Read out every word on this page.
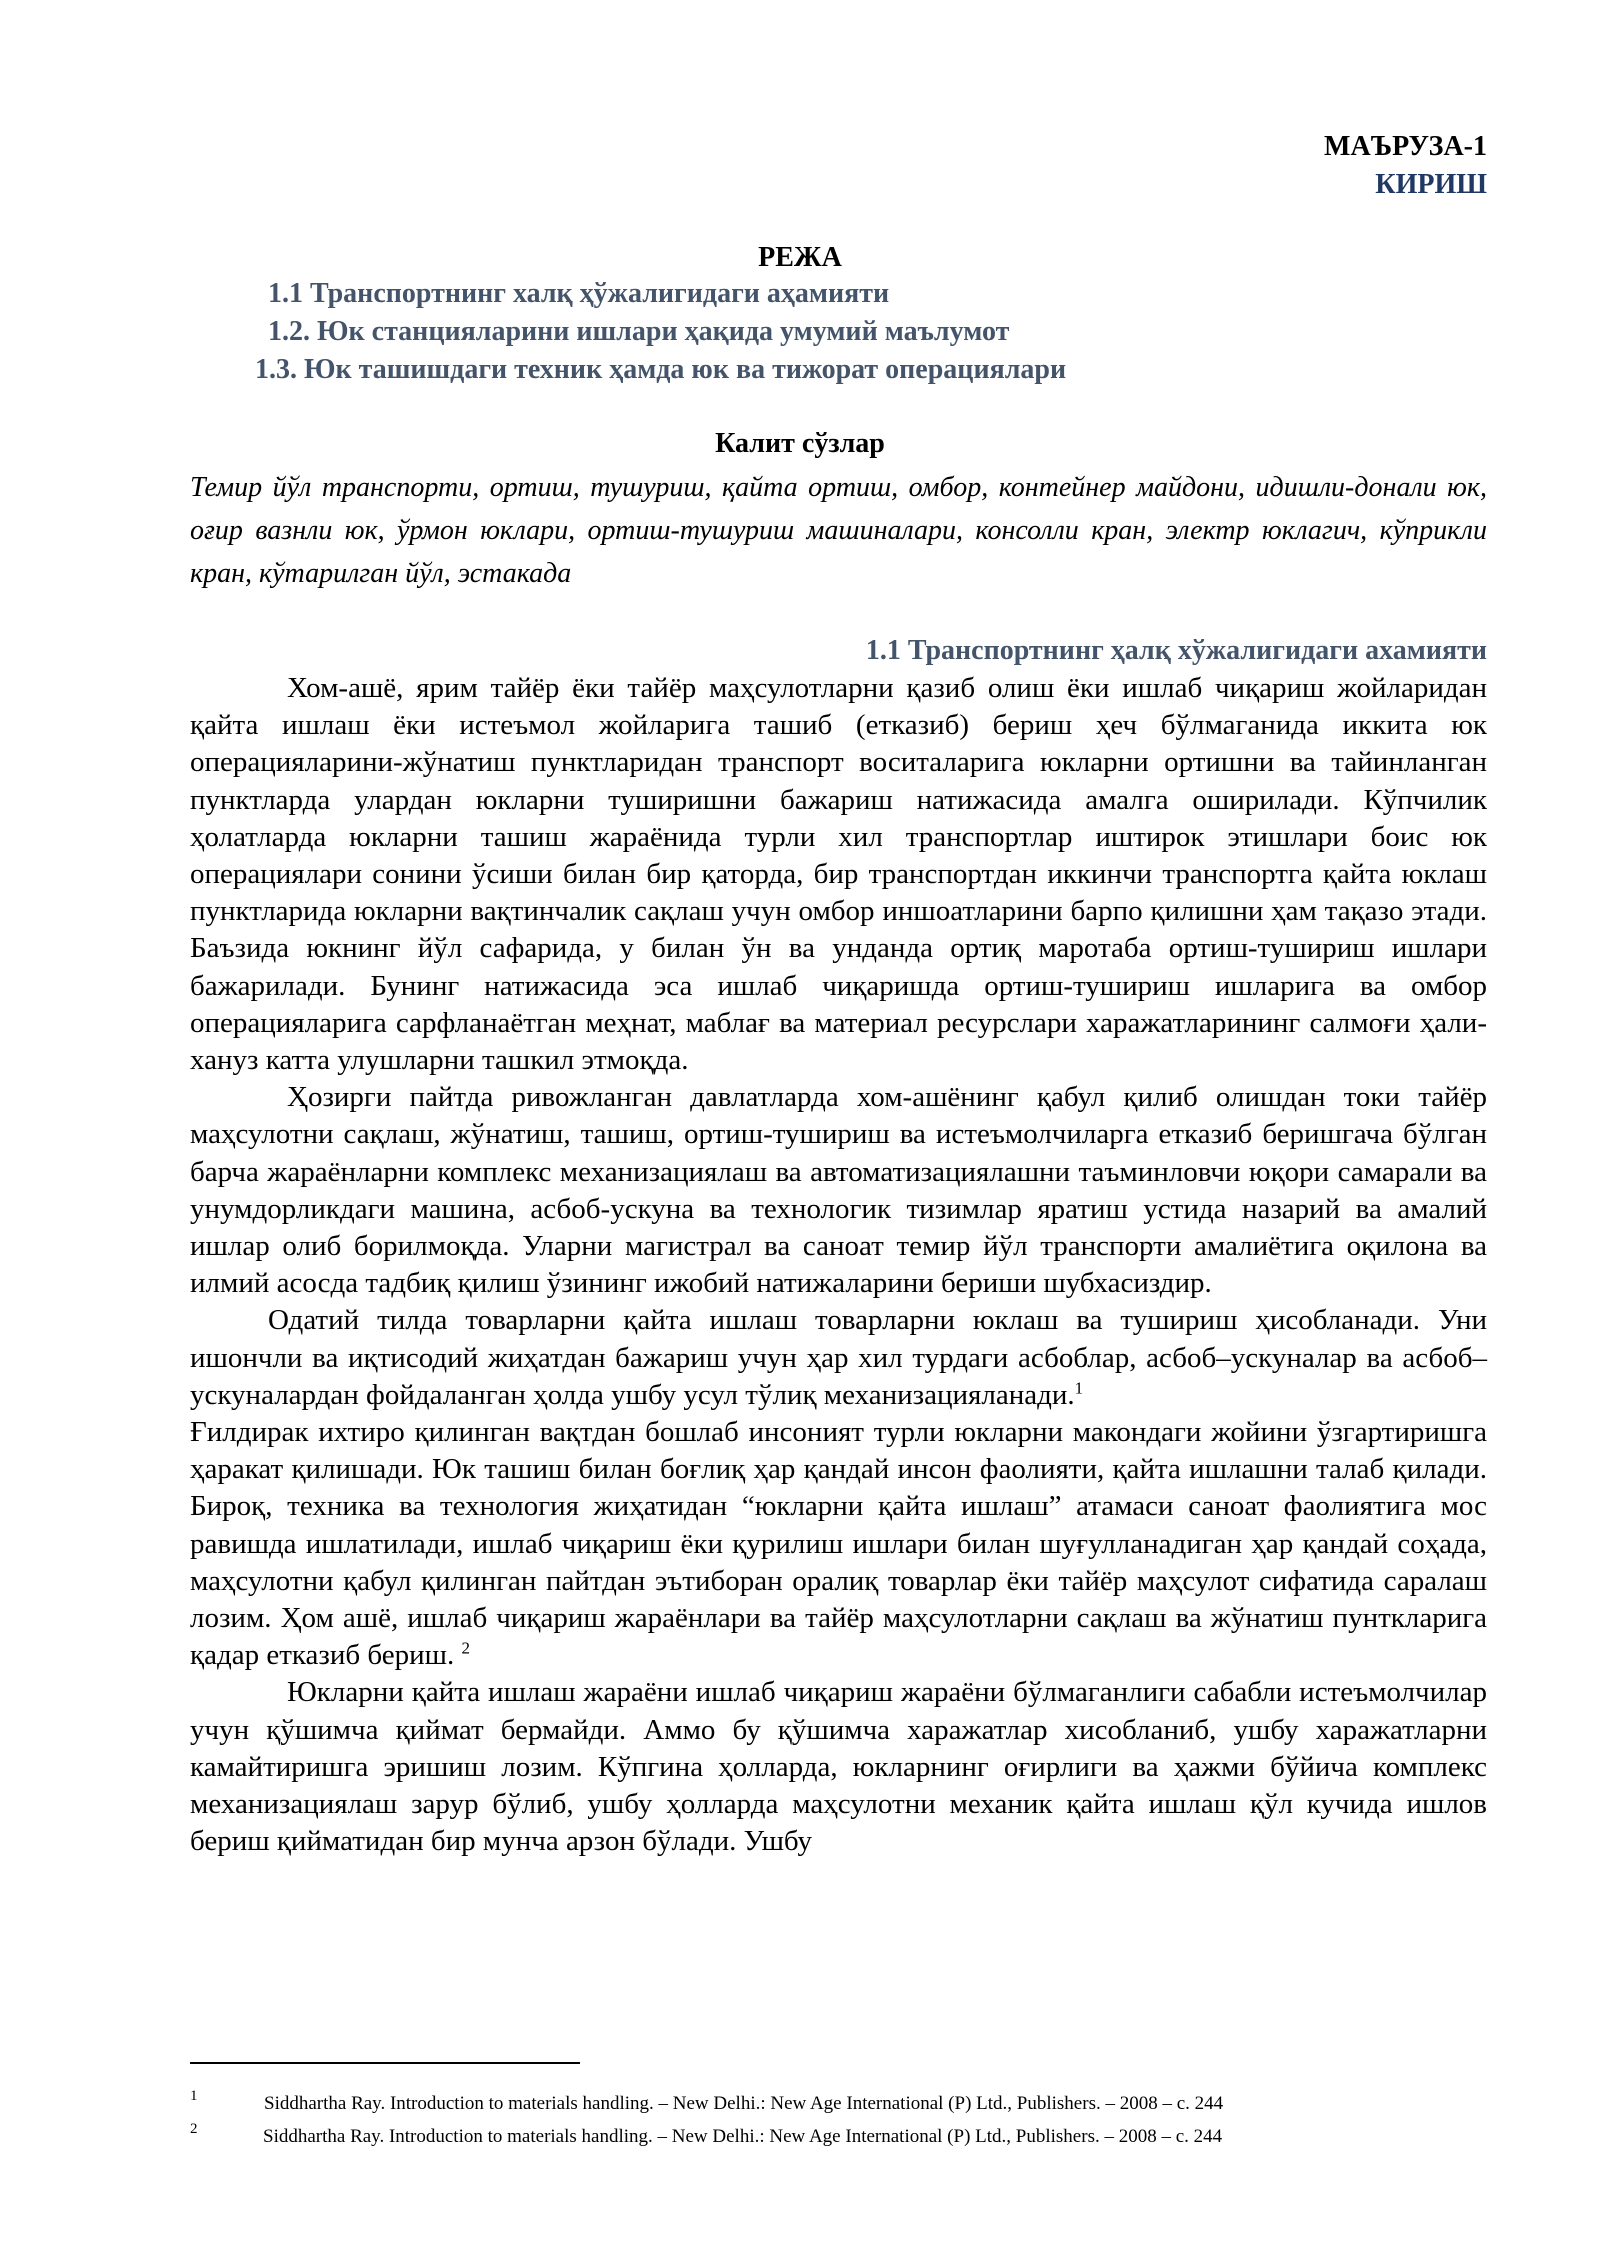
МАЪРУЗА-1
КИРИШ
РЕЖА
1.1 Транспортнинг халқ ҳўжалигидаги аҳамияти
1.2. Юк станцияларини ишлари ҳақида умумий маълумот
1.3. Юк ташишдаги техник ҳамда юк ва тижорат операциялари
Калит сўзлар
Темир йўл транспорти, ортиш, тушуриш, қайта ортиш, омбор, контейнер майдони, идишли-донали юк, оғир вазнли юк, ўрмон юклари, ортиш-тушуриш машиналари, консолли кран, электр юклагич, кўприкли кран, кўтарилган йўл, эстакада
1.1 Транспортнинг ҳалқ хўжалигидаги ахамияти

Хом-ашё, ярим тайёр ёки тайёр маҳсулотларни қазиб олиш ёки ишлаб чиқариш жойларидан қайта ишлаш ёки истеъмол жойларига ташиб (етказиб) бериш ҳеч бўлмаганида иккита юк операцияларини-жўнатиш пунктларидан транспорт воситаларига юкларни ортишни ва тайинланган пунктларда улардан юкларни туширишни бажариш натижасида амалга оширилади. Кўпчилик ҳолатларда юкларни ташиш жараёнида турли хил транспортлар иштирок этишлари боис юк операциялари сонини ўсиши билан бир қаторда, бир транспортдан иккинчи транспортга қайта юклаш пунктларида юкларни вақтинчалик сақлаш учун омбор иншоатларини барпо қилишни ҳам тақазо этади. Баъзида юкнинг йўл сафарида, у билан ўн ва унданда ортиқ маротаба ортиш-тушириш ишлари бажарилади. Бунинг натижасида эса ишлаб чиқаришда ортиш-тушириш ишларига ва омбор операцияларига сарфланаётган меҳнат, маблағ ва материал ресурслари харажатларининг салмоғи ҳали-хануз катта улушларни ташкил этмоқда.

Ҳозирги пайтда ривожланган давлатларда хом-ашёнинг қабул қилиб олишдан токи тайёр маҳсулотни сақлаш, жўнатиш, ташиш, ортиш-тушириш ва истеъмолчиларга етказиб беришгача бўлган барча жараёнларни комплекс механизациялаш ва автоматизациялашни таъминловчи юқори самарали ва унумдорликдаги машина, асбоб-ускуна ва технологик тизимлар яратиш устида назарий ва амалий ишлар олиб борилмоқда. Уларни магистрал ва саноат темир йўл транспорти амалиётига оқилона ва илмий асосда тадбиқ қилиш ўзининг ижобий натижаларини бериши шубхасиздир.

Одатий тилда товарларни қайта ишлаш товарларни юклаш ва тушириш ҳисобланади. Уни ишончли ва иқтисодий жиҳатдан бажариш учун ҳар хил турдаги асбоблар, асбоб–ускуналар ва асбоб–ускуналардан фойдаланган ҳолда ушбу усул тўлиқ механизацияланади.$^1$

Ғилдирак ихтиро қилинган вақтдан бошлаб инсоният турли юкларни макондаги жойини ўзгартиришга ҳаракат қилишади. Юк ташиш билан боғлиқ ҳар қандай инсон фаолияти, қайта ишлашни талаб қилади. Бироқ, техника ва технология жиҳатидан “юкларни қайта ишлаш” атамаси саноат фаолиятига мос равишда ишлатилади, ишлаб чиқариш ёки қурилиш ишлари билан шуғулланадиган ҳар қандай соҳада, маҳсулотни қабул қилинган пайтдан эътиборан оралиқ товарлар ёки тайёр маҳсулот сифатида саралаш лозим. Ҳом ашё, ишлаб чиқариш жараёнлари ва тайёр маҳсулотларни сақлаш ва жўнатиш пунткларига қадар етказиб бериш. $^2$

Юкларни қайта ишлаш жараёни ишлаб чиқариш жараёни бўлмаганлиги сабабли истеъмолчилар учун қўшимча қиймат бермайди. Аммо бу қўшимча харажатлар хисобланиб, ушбу харажатларни камайтиришга эришиш лозим. Кўпгина ҳолларда, юкларнинг оғирлиги ва ҳажми бўйича комплекс механизациялаш зарур бўлиб, ушбу ҳолларда маҳсулотни механик қайта ишлаш қўл кучида ишлов бериш қийматидан бир мунча арзон бўлади. Ушбу

1	Siddhartha Ray. Introduction to materials handling. – New Delhi.: New Age International (P) Ltd., Publishers. – 2008 – с. 244
2	Siddhartha Ray. Introduction to materials handling. – New Delhi.: New Age International (P) Ltd., Publishers. – 2008 – с. 244
